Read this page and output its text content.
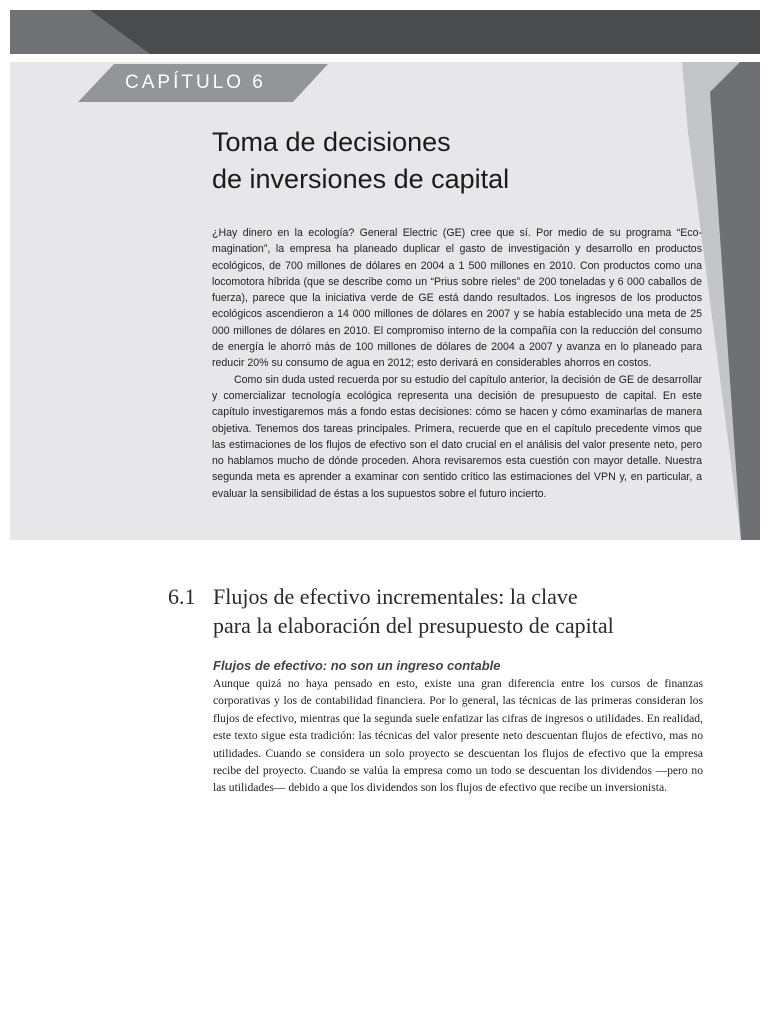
CAPÍTULO 6
Toma de decisiones
de inversiones de capital

¿Hay dinero en la ecología? General Electric (GE) cree que sí. Por medio de su programa “Eco-magination”, la empresa ha planeado duplicar el gasto de investigación y desarrollo en productos ecológicos, de 700 millones de dólares en 2004 a 1 500 millones en 2010. Con productos como una locomotora híbrida (que se describe como un “Prius sobre rieles” de 200 toneladas y 6 000 caballos de fuerza), parece que la iniciativa verde de GE está dando resultados. Los ingresos de los productos ecológicos ascendieron a 14 000 millones de dólares en 2007 y se había establecido una meta de 25 000 millones de dólares en 2010. El compromiso interno de la compañía con la reducción del consumo de energía le ahorró más de 100 millones de dólares de 2004 a 2007 y avanza en lo planeado para reducir 20% su consumo de agua en 2012; esto derivará en considerables ahorros en costos.

Como sin duda usted recuerda por su estudio del capítulo anterior, la decisión de GE de desarrollar y comercializar tecnología ecológica representa una decisión de presupuesto de capital. En este capítulo investigaremos más a fondo estas decisiones: cómo se hacen y cómo examinarlas de manera objetiva. Tenemos dos tareas principales. Primera, recuerde que en el capítulo precedente vimos que las estimaciones de los flujos de efectivo son el dato crucial en el análisis del valor presente neto, pero no hablamos mucho de dónde proceden. Ahora revisaremos esta cuestión con mayor detalle. Nuestra segunda meta es aprender a examinar con sentido crítico las estimaciones del VPN y, en particular, a evaluar la sensibilidad de éstas a los supuestos sobre el futuro incierto.

6.1 Flujos de efectivo incrementales: la clave
para la elaboración del presupuesto de capital
Flujos de efectivo: no son un ingreso contable

Aunque quizá no haya pensado en esto, existe una gran diferencia entre los cursos de finanzas corporativas y los de contabilidad financiera. Por lo general, las técnicas de las primeras consideran los flujos de efectivo, mientras que la segunda suele enfatizar las cifras de ingresos o utilidades. En realidad, este texto sigue esta tradición: las técnicas del valor presente neto descuentan flujos de efectivo, mas no utilidades. Cuando se considera un solo proyecto se descuentan los flujos de efectivo que la empresa recibe del proyecto. Cuando se valúa la empresa como un todo se descuentan los dividendos —pero no las utilidades— debido a que los dividendos son los flujos de efectivo que recibe un inversionista.
